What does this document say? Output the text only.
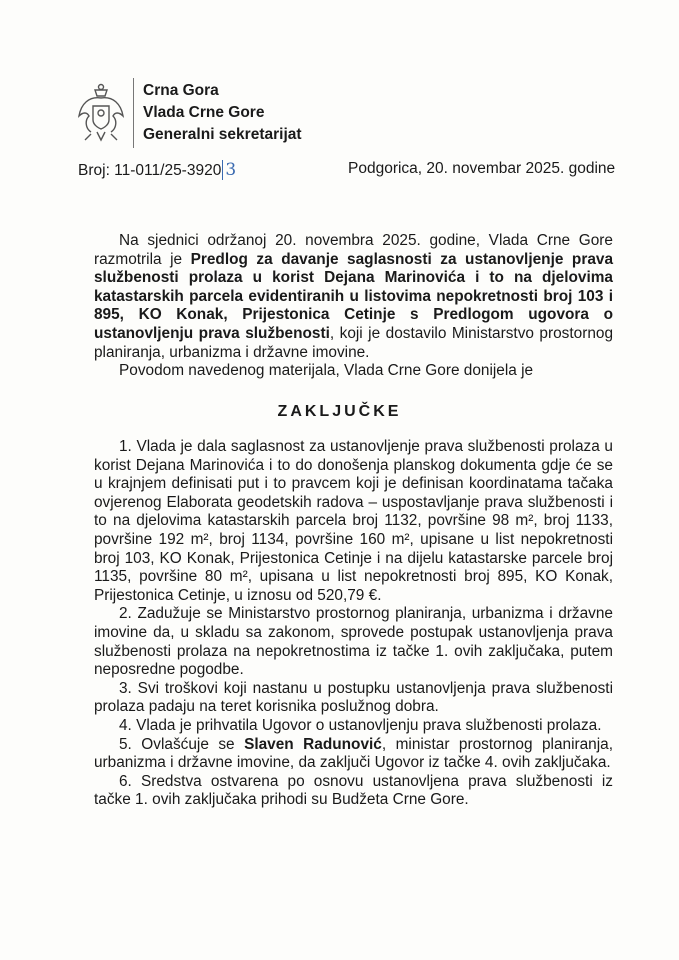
Crna Gora
Vlada Crne Gore
Generalni sekretarijat
Broj: 11-011/25-3920 3	Podgorica, 20. novembar 2025. godine

Na sjednici održanoj 20. novembra 2025. godine, Vlada Crne Gore razmotrila je Predlog za davanje saglasnosti za ustanovljenje prava službenosti prolaza u korist Dejana Marinovića i to na djelovima katastarskih parcela evidentiranih u listovima nepokretnosti broj 103 i 895, KO Konak, Prijestonica Cetinje s Predlogom ugovora o ustanovljenju prava službenosti, koji je dostavilo Ministarstvo prostornog planiranja, urbanizma i državne imovine.

Povodom navedenog materijala, Vlada Crne Gore donijela je

ZAKLJUČKE

1. Vlada je dala saglasnost za ustanovljenje prava službenosti prolaza u korist Dejana Marinovića i to do donošenja planskog dokumenta gdje će se u krajnjem definisati put i to pravcem koji je definisan koordinatama tačaka ovjerenog Elaborata geodetskih radova – uspostavljanje prava službenosti i to na djelovima katastarskih parcela broj 1132, površine 98 m², broj 1133, površine 192 m², broj 1134, površine 160 m², upisane u list nepokretnosti broj 103, KO Konak, Prijestonica Cetinje i na dijelu katastarske parcele broj 1135, površine 80 m², upisana u list nepokretnosti broj 895, KO Konak, Prijestonica Cetinje, u iznosu od 520,79 €.

2. Zadužuje se Ministarstvo prostornog planiranja, urbanizma i državne imovine da, u skladu sa zakonom, sprovede postupak ustanovljenja prava službenosti prolaza na nepokretnostima iz tačke 1. ovih zaključaka, putem neposredne pogodbe.

3. Svi troškovi koji nastanu u postupku ustanovljenja prava službenosti prolaza padaju na teret korisnika poslužnog dobra.

4. Vlada je prihvatila Ugovor o ustanovljenju prava službenosti prolaza.

5. Ovlašćuje se Slaven Radunović, ministar prostornog planiranja, urbanizma i državne imovine, da zaključi Ugovor iz tačke 4. ovih zaključaka.

6. Sredstva ostvarena po osnovu ustanovljena prava službenosti iz tačke 1. ovih zaključaka prihodi su Budžeta Crne Gore.
